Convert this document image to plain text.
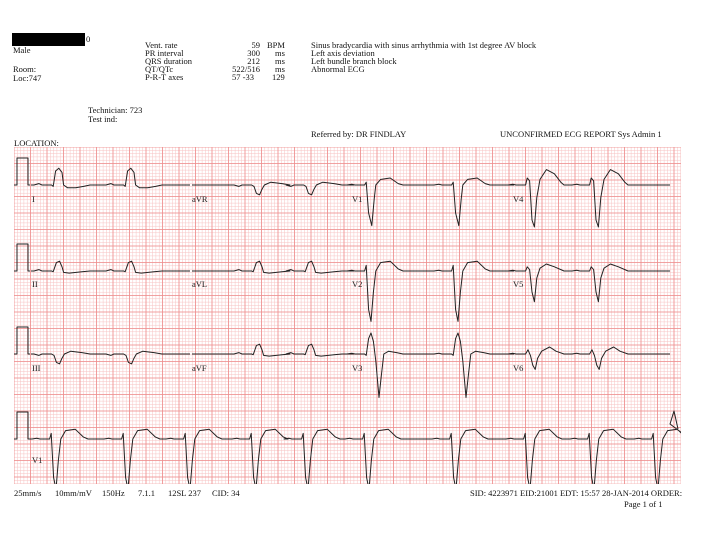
0
Male
Room:
Loc:747
Vent. rate	59 BPM
PR interval	300 ms
QRS duration	212 ms
QT/QTc	522/516 ms
P-R-T axes	57 -33 129
Sinus bradycardia with sinus arrhythmia with 1st degree AV block
Left axis deviation
Left bundle branch block
Abnormal ECG
Technician: 723
Test ind:
Referred by: DR FINDLAY	UNCONFIRMED ECG REPORT Sys Admin 1
LOCATION:
I
II
III
V1
aVR
aVL
aVF
V1
V2
V3
V4
V5
V6
25mm/s 10mm/mV 150Hz 7.1.1 12SL 237 CID: 34	SID: 4223971 EID:21001 EDT: 15:57 28-JAN-2014 ORDER:
Page 1 of 1
